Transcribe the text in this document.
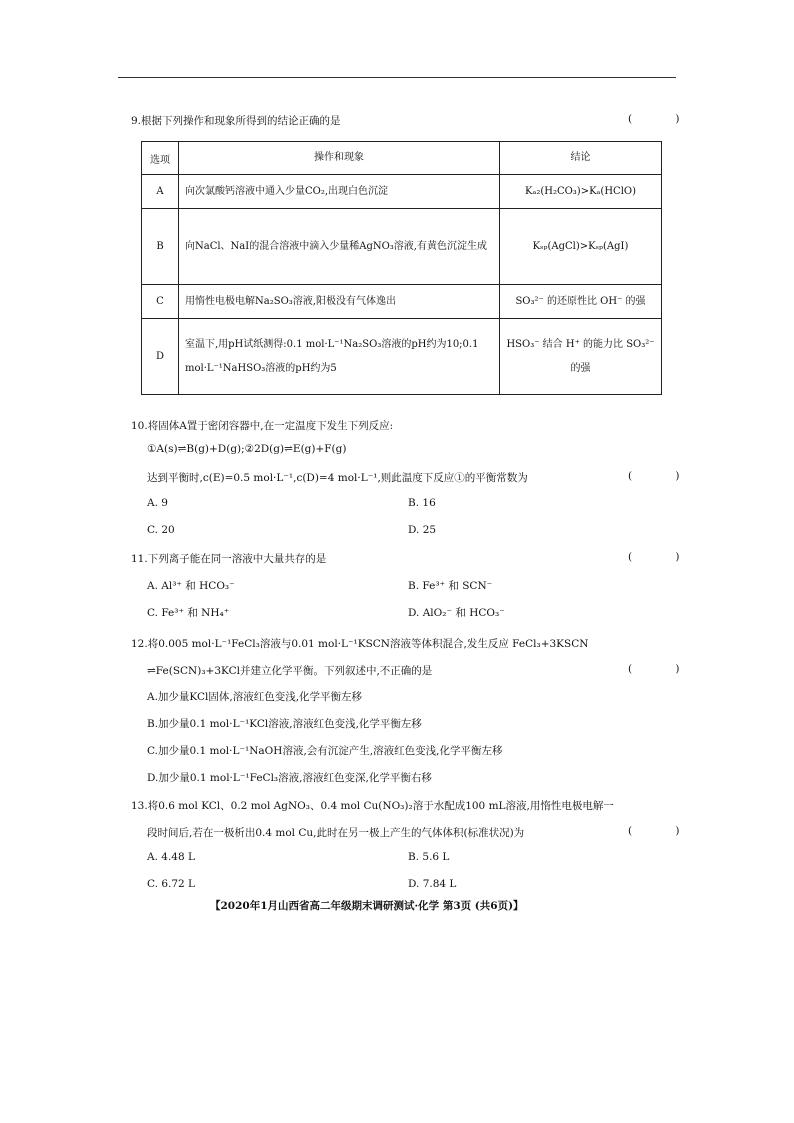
9.根据下列操作和现象所得到的结论正确的是	( )
选项	操作和现象	结论
A	向次氯酸钙溶液中通入少量CO₂,出现白色沉淀	Kₐ₂(H₂CO₃)>Kₐ(HClO)
B	向NaCl、NaI的混合溶液中滴入少量稀AgNO₃溶液,有黄色沉淀生成	Kₛₚ(AgCl)>Kₛₚ(AgI)
C	用惰性电极电解Na₂SO₃溶液,阳极没有气体逸出	SO₃²⁻ 的还原性比 OH⁻ 的强
D	室温下,用pH试纸测得:0.1 mol·L⁻¹Na₂SO₃溶液的pH约为10;0.1 mol·L⁻¹NaHSO₃溶液的pH约为5	HSO₃⁻ 结合 H⁺ 的能力比 SO₃²⁻ 的强
10.将固体A置于密闭容器中,在一定温度下发生下列反应:
①A(s)⇌B(g)+D(g);②2D(g)⇌E(g)+F(g)
达到平衡时,c(E)=0.5 mol·L⁻¹,c(D)=4 mol·L⁻¹,则此温度下反应①的平衡常数为	( )
A. 9	B. 16
C. 20	D. 25
11.下列离子能在同一溶液中大量共存的是	( )
A. Al³⁺ 和 HCO₃⁻	B. Fe³⁺ 和 SCN⁻
C. Fe³⁺ 和 NH₄⁺	D. AlO₂⁻ 和 HCO₃⁻
12.将0.005 mol·L⁻¹FeCl₃溶液与0.01 mol·L⁻¹KSCN溶液等体积混合,发生反应 FeCl₃+3KSCN
⇌Fe(SCN)₃+3KCl并建立化学平衡。下列叙述中,不正确的是	( )
A.加少量KCl固体,溶液红色变浅,化学平衡左移
B.加少量0.1 mol·L⁻¹KCl溶液,溶液红色变浅,化学平衡左移
C.加少量0.1 mol·L⁻¹NaOH溶液,会有沉淀产生,溶液红色变浅,化学平衡左移
D.加少量0.1 mol·L⁻¹FeCl₃溶液,溶液红色变深,化学平衡右移
13.将0.6 mol KCl、0.2 mol AgNO₃、0.4 mol Cu(NO₃)₂溶于水配成100 mL溶液,用惰性电极电解一
段时间后,若在一极析出0.4 mol Cu,此时在另一极上产生的气体体积(标准状况)为	( )
A. 4.48 L	B. 5.6 L
C. 6.72 L	D. 7.84 L
【2020年1月山西省高二年级期末调研测试·化学 第3页 (共6页)】
